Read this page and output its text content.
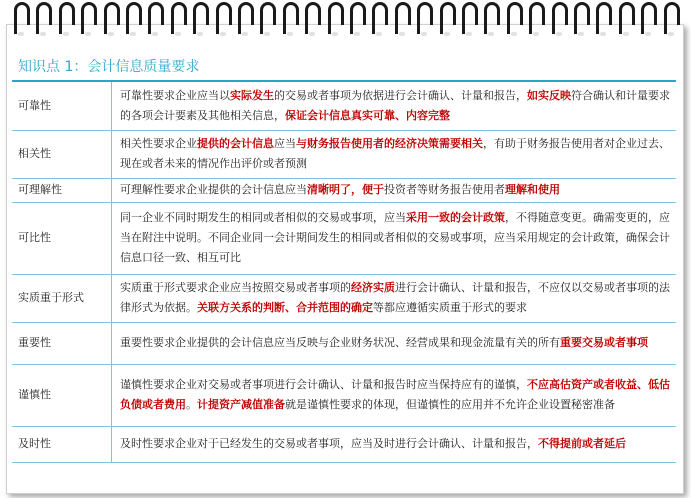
知识点 1：会计信息质量要求
可靠性	可靠性要求企业应当以实际发生的交易或者事项为依据进行会计确认、计量和报告，如实反映符合确认和计量要求的各项会计要素及其他相关信息，保证会计信息真实可靠、内容完整
相关性	相关性要求企业提供的会计信息应当与财务报告使用者的经济决策需要相关，有助于财务报告使用者对企业过去、现在或者未来的情况作出评价或者预测
可理解性	可理解性要求企业提供的会计信息应当清晰明了，便于投资者等财务报告使用者理解和使用
可比性	同一企业不同时期发生的相同或者相似的交易或事项，应当采用一致的会计政策，不得随意变更。确需变更的，应当在附注中说明。不同企业同一会计期间发生的相同或者相似的交易或事项，应当采用规定的会计政策，确保会计信息口径一致、相互可比
实质重于形式	实质重于形式要求企业应当按照交易或者事项的经济实质进行会计确认、计量和报告，不应仅以交易或者事项的法律形式为依据。关联方关系的判断、合并范围的确定等都应遵循实质重于形式的要求
重要性	重要性要求企业提供的会计信息应当反映与企业财务状况、经营成果和现金流量有关的所有重要交易或者事项
谨慎性	谨慎性要求企业对交易或者事项进行会计确认、计量和报告时应当保持应有的谨慎，不应高估资产或者收益、低估负债或者费用。计提资产减值准备就是谨慎性要求的体现，但谨慎性的应用并不允许企业设置秘密准备
及时性	及时性要求企业对于已经发生的交易或者事项，应当及时进行会计确认、计量和报告，不得提前或者延后
